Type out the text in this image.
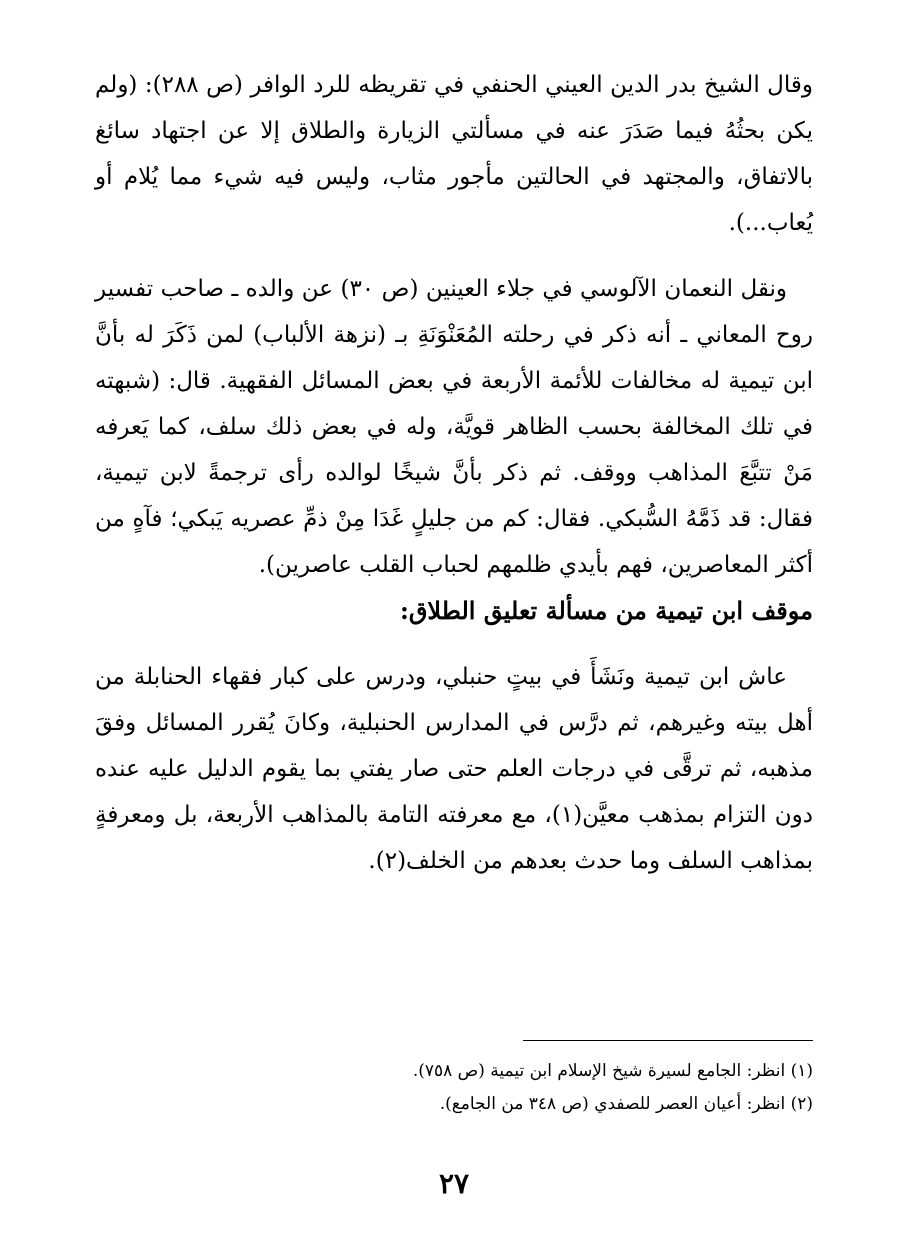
وقال الشيخ بدر الدين العيني الحنفي في تقريظه للرد الوافر (ص ٢٨٨): (ولم يكن بحثُهُ فيما صَدَرَ عنه في مسألتي الزيارة والطلاق إلا عن اجتهاد سائغ بالاتفاق، والمجتهد في الحالتين مأجور مثاب، وليس فيه شيء مما يُلام أو يُعاب...).

ونقل النعمان الآلوسي في جلاء العينين (ص ٣٠) عن والده ـ صاحب تفسير روح المعاني ـ أنه ذكر في رحلته المُعَنْوَنَةِ بـ (نزهة الألباب) لمن ذَكَرَ له بأنَّ ابن تيمية له مخالفات للأئمة الأربعة في بعض المسائل الفقهية. قال: (شبهته في تلك المخالفة بحسب الظاهر قويَّة، وله في بعض ذلك سلف، كما يَعرفه مَنْ تتبَّعَ المذاهب ووقف. ثم ذكر بأنَّ شيخًا لوالده رأى ترجمةً لابن تيمية، فقال: قد ذَمَّهُ السُّبكي. فقال: كم من جليلٍ غَدَا مِنْ ذمِّ عصريه يَبكي؛ فآهٍ من أكثر المعاصرين، فهم بأيدي ظلمهم لحباب القلب عاصرين).

موقف ابن تيمية من مسألة تعليق الطلاق:

عاش ابن تيمية ونَشَأَ في بيتٍ حنبلي، ودرس على كبار فقهاء الحنابلة من أهل بيته وغيرهم، ثم درَّس في المدارس الحنبلية، وكانَ يُقرر المسائل وفقَ مذهبه، ثم ترقَّى في درجات العلم حتى صار يفتي بما يقوم الدليل عليه عنده دون التزام بمذهب معيَّن(١)، مع معرفته التامة بالمذاهب الأربعة، بل ومعرفةٍ بمذاهب السلف وما حدث بعدهم من الخلف(٢).

(١) انظر: الجامع لسيرة شيخ الإسلام ابن تيمية (ص ٧٥٨).

(٢) انظر: أعيان العصر للصفدي (ص ٣٤٨ من الجامع).

٢٧
